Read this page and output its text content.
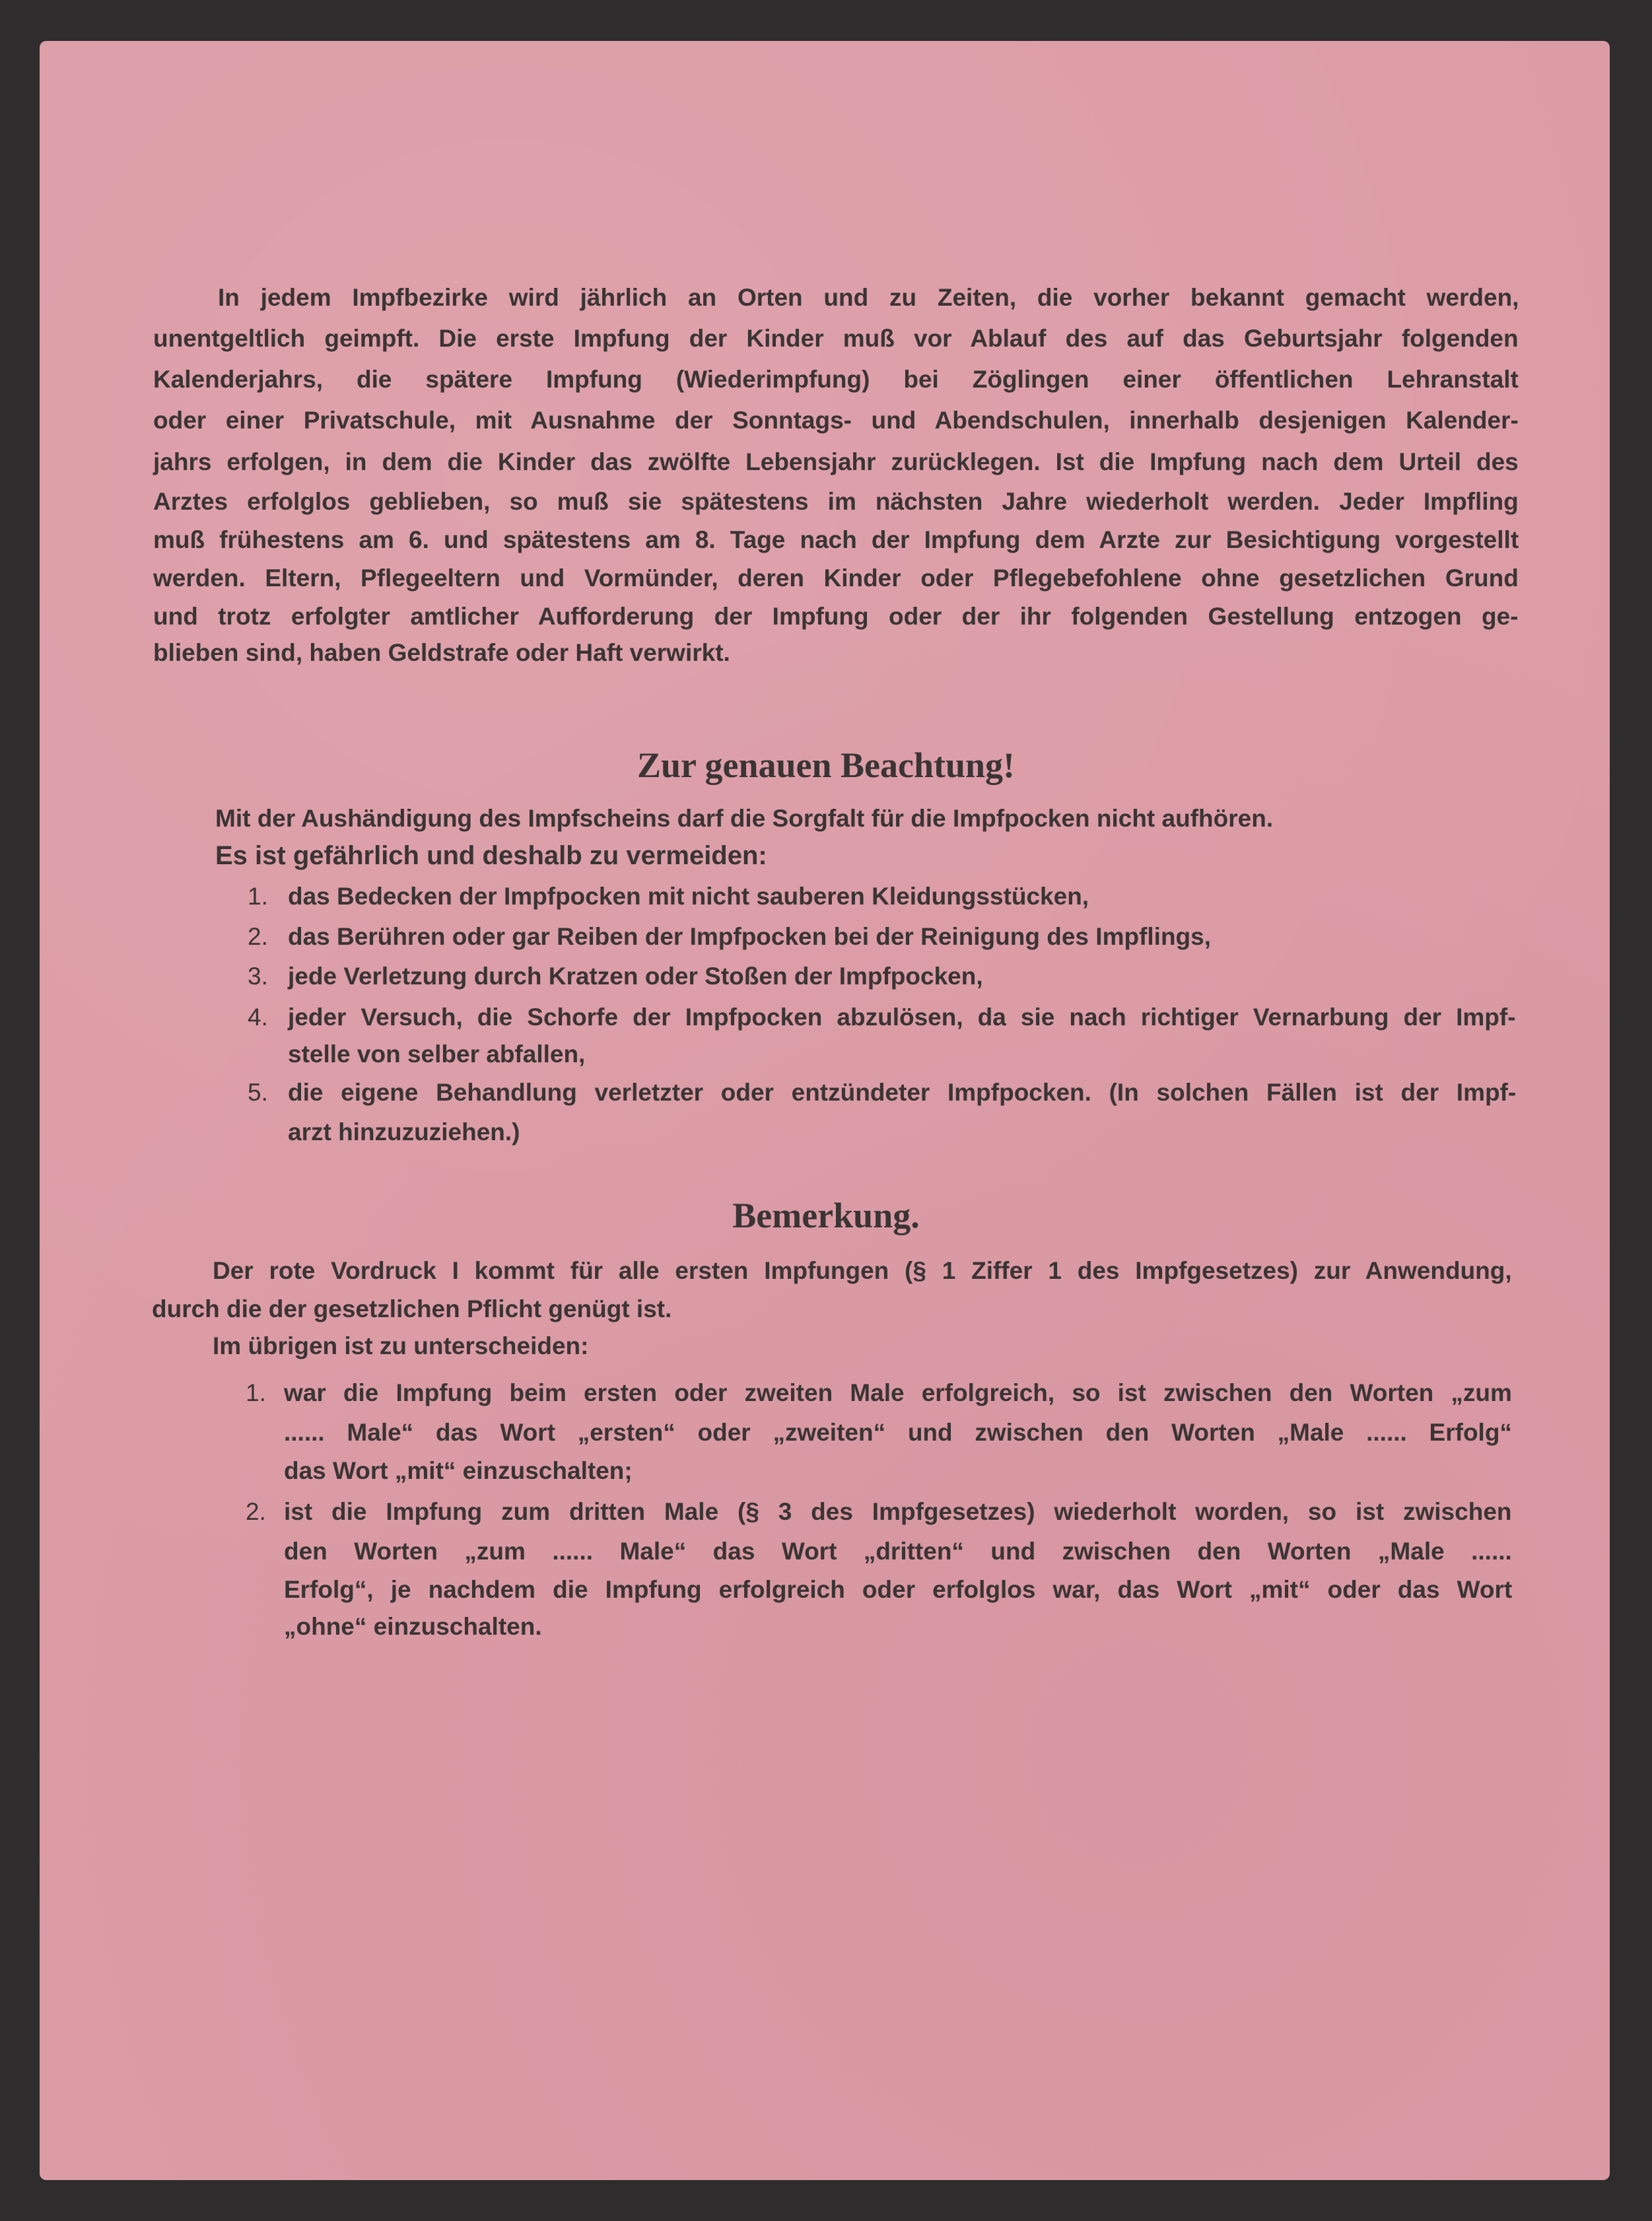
In jedem Impfbezirke wird jährlich an Orten und zu Zeiten, die vorher bekannt gemacht werden,
unentgeltlich geimpft. Die erste Impfung der Kinder muß vor Ablauf des auf das Geburtsjahr folgenden
Kalenderjahrs, die spätere Impfung (Wiederimpfung) bei Zöglingen einer öffentlichen Lehranstalt
oder einer Privatschule, mit Ausnahme der Sonntags- und Abendschulen, innerhalb desjenigen Kalender-
jahrs erfolgen, in dem die Kinder das zwölfte Lebensjahr zurücklegen. Ist die Impfung nach dem Urteil des
Arztes erfolglos geblieben, so muß sie spätestens im nächsten Jahre wiederholt werden. Jeder Impfling
muß frühestens am 6. und spätestens am 8. Tage nach der Impfung dem Arzte zur Besichtigung vorgestellt
werden. Eltern, Pflegeeltern und Vormünder, deren Kinder oder Pflegebefohlene ohne gesetzlichen Grund
und trotz erfolgter amtlicher Aufforderung der Impfung oder der ihr folgenden Gestellung entzogen ge-
blieben sind, haben Geldstrafe oder Haft verwirkt.
Zur genauen Beachtung!
Mit der Aushändigung des Impfscheins darf die Sorgfalt für die Impfpocken nicht aufhören.
Es ist gefährlich und deshalb zu vermeiden:
1. das Bedecken der Impfpocken mit nicht sauberen Kleidungsstücken,
2. das Berühren oder gar Reiben der Impfpocken bei der Reinigung des Impflings,
3. jede Verletzung durch Kratzen oder Stoßen der Impfpocken,
4. jeder Versuch, die Schorfe der Impfpocken abzulösen, da sie nach richtiger Vernarbung der Impf-
stelle von selber abfallen,
5. die eigene Behandlung verletzter oder entzündeter Impfpocken. (In solchen Fällen ist der Impf-
arzt hinzuzuziehen.)
Bemerkung.
Der rote Vordruck I kommt für alle ersten Impfungen (§ 1 Ziffer 1 des Impfgesetzes) zur Anwendung,
durch die der gesetzlichen Pflicht genügt ist.
Im übrigen ist zu unterscheiden:
1. war die Impfung beim ersten oder zweiten Male erfolgreich, so ist zwischen den Worten „zum
...... Male“ das Wort „ersten“ oder „zweiten“ und zwischen den Worten „Male ...... Erfolg“
das Wort „mit“ einzuschalten;
2. ist die Impfung zum dritten Male (§ 3 des Impfgesetzes) wiederholt worden, so ist zwischen
den Worten „zum ...... Male“ das Wort „dritten“ und zwischen den Worten „Male ......
Erfolg“, je nachdem die Impfung erfolgreich oder erfolglos war, das Wort „mit“ oder das Wort
„ohne“ einzuschalten.
